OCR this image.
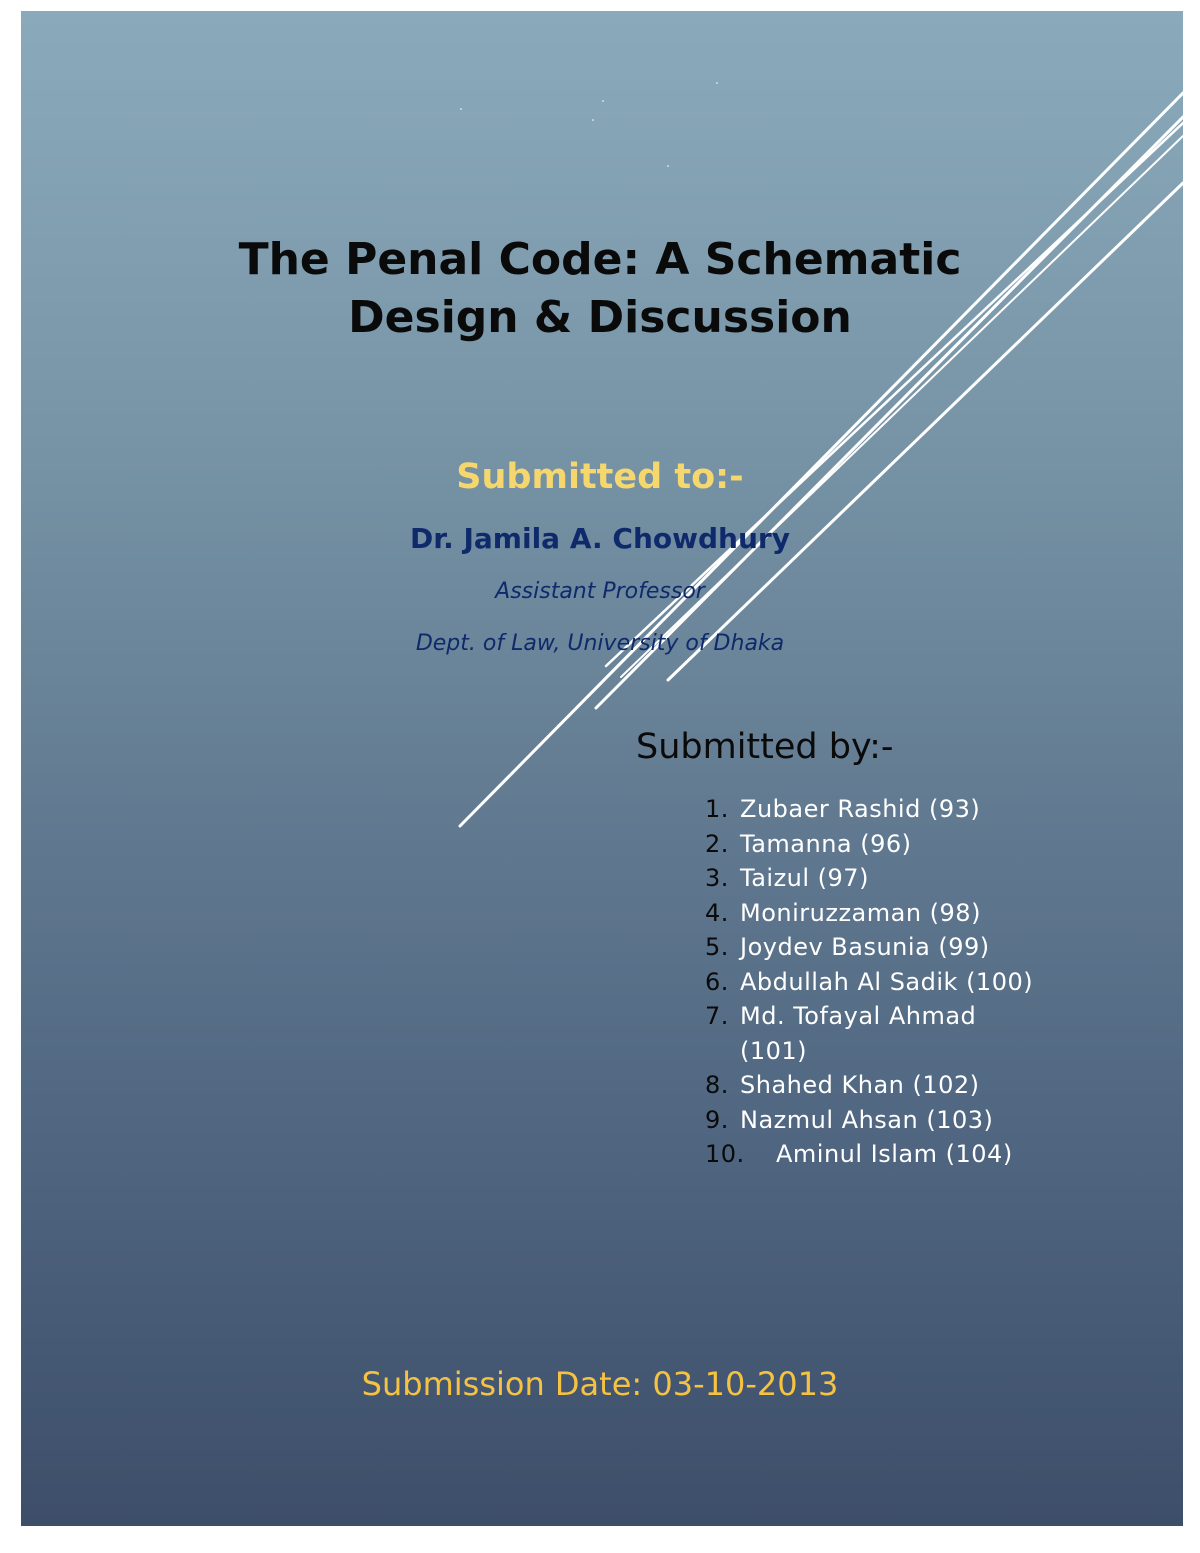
The Penal Code: A Schematic
Design & Discussion
Submitted to:-
Dr. Jamila A. Chowdhury
Assistant Professor
Dept. of Law, University of Dhaka
Submitted by:-
1. Zubaer Rashid (93)
2. Tamanna (96)
3. Taizul (97)
4. Moniruzzaman (98)
5. Joydev Basunia (99)
6. Abdullah Al Sadik (100)
7. Md. Tofayal Ahmad (101)
8. Shahed Khan (102)
9. Nazmul Ahsan (103)
10. Aminul Islam (104)
Submission Date: 03-10-2013
